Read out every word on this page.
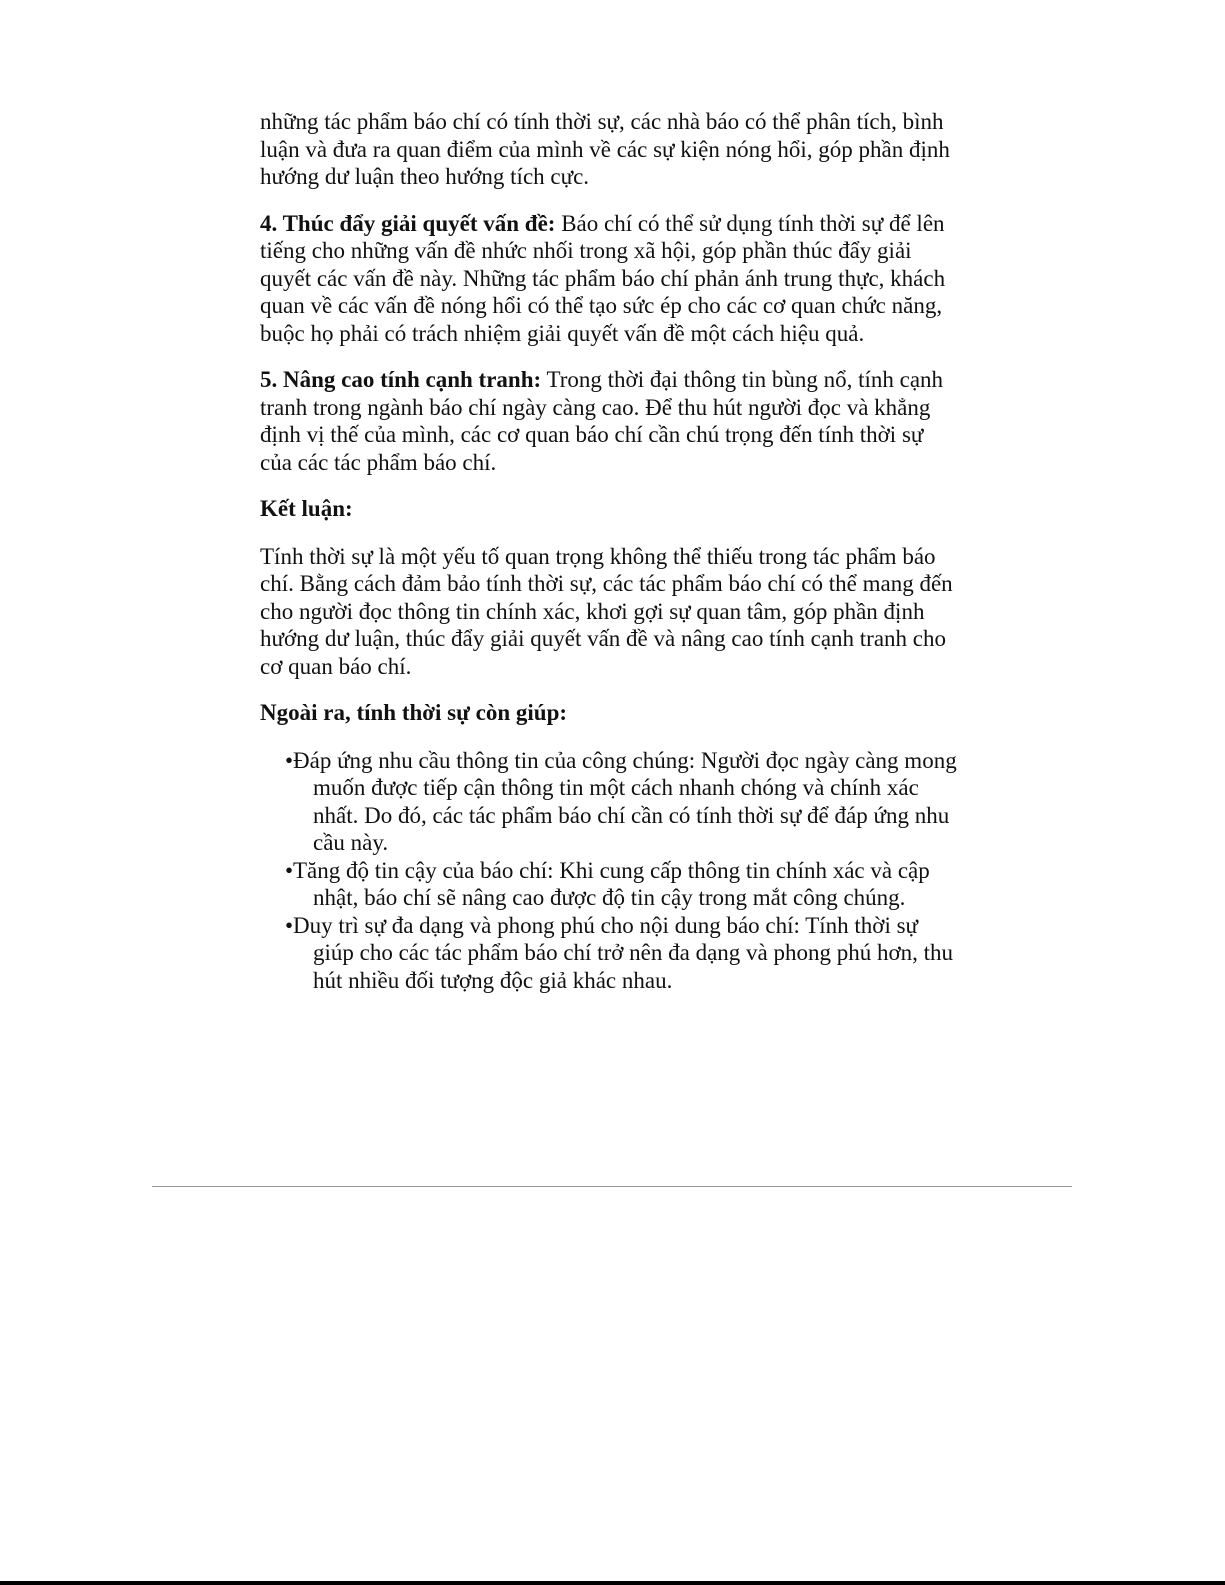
những tác phẩm báo chí có tính thời sự, các nhà báo có thể phân tích, bình luận và đưa ra quan điểm của mình về các sự kiện nóng hổi, góp phần định hướng dư luận theo hướng tích cực.

4. Thúc đẩy giải quyết vấn đề: Báo chí có thể sử dụng tính thời sự để lên tiếng cho những vấn đề nhức nhối trong xã hội, góp phần thúc đẩy giải quyết các vấn đề này. Những tác phẩm báo chí phản ánh trung thực, khách quan về các vấn đề nóng hổi có thể tạo sức ép cho các cơ quan chức năng, buộc họ phải có trách nhiệm giải quyết vấn đề một cách hiệu quả.

5. Nâng cao tính cạnh tranh: Trong thời đại thông tin bùng nổ, tính cạnh tranh trong ngành báo chí ngày càng cao. Để thu hút người đọc và khẳng định vị thế của mình, các cơ quan báo chí cần chú trọng đến tính thời sự của các tác phẩm báo chí.

Kết luận:

Tính thời sự là một yếu tố quan trọng không thể thiếu trong tác phẩm báo chí. Bằng cách đảm bảo tính thời sự, các tác phẩm báo chí có thể mang đến cho người đọc thông tin chính xác, khơi gợi sự quan tâm, góp phần định hướng dư luận, thúc đẩy giải quyết vấn đề và nâng cao tính cạnh tranh cho cơ quan báo chí.

Ngoài ra, tính thời sự còn giúp:

•Đáp ứng nhu cầu thông tin của công chúng: Người đọc ngày càng mong muốn được tiếp cận thông tin một cách nhanh chóng và chính xác nhất. Do đó, các tác phẩm báo chí cần có tính thời sự để đáp ứng nhu cầu này.
•Tăng độ tin cậy của báo chí: Khi cung cấp thông tin chính xác và cập nhật, báo chí sẽ nâng cao được độ tin cậy trong mắt công chúng.
•Duy trì sự đa dạng và phong phú cho nội dung báo chí: Tính thời sự giúp cho các tác phẩm báo chí trở nên đa dạng và phong phú hơn, thu hút nhiều đối tượng độc giả khác nhau.
